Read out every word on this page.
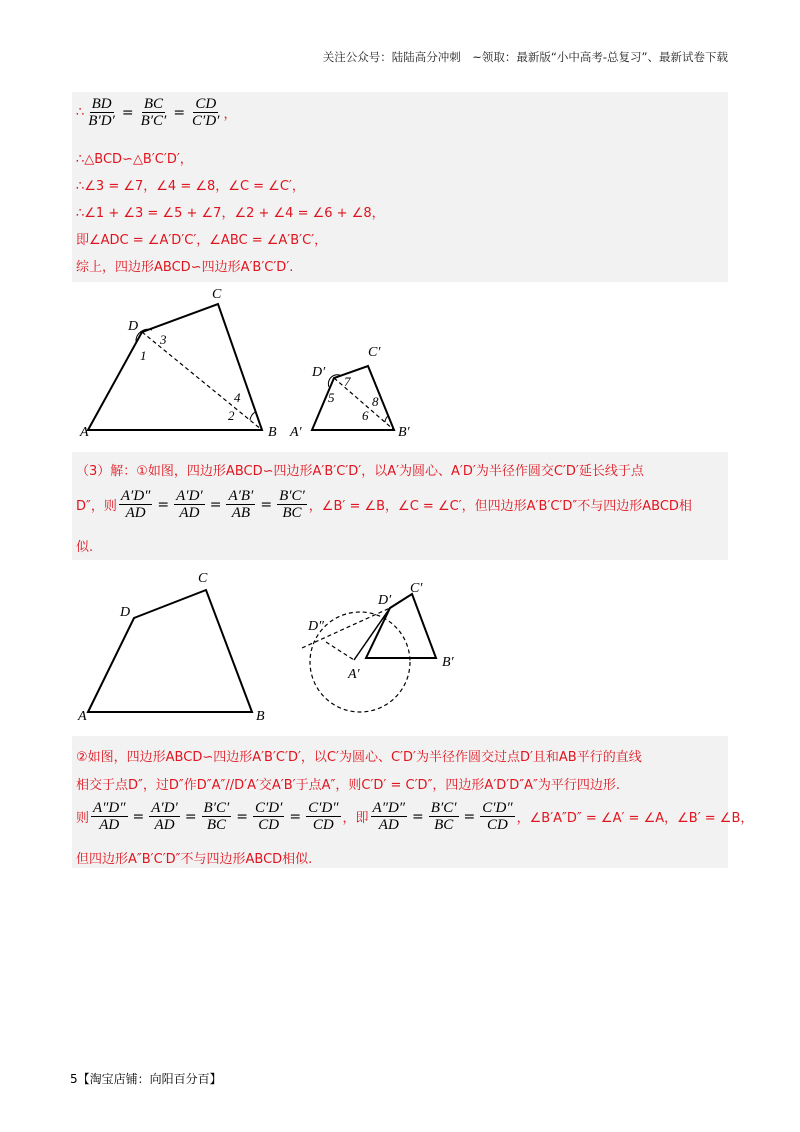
关注公众号：陆陆高分冲刺　~领取：最新版“小中高考-总复习”、最新试卷下载
∴ $\frac{BD}{B'D'} = \frac{BC}{B'C'} = \frac{CD}{C'D'}$ ，
∴△BCD∽△B′C′D′，
∴∠3 = ∠7，∠4 = ∠8，∠C = ∠C′，
∴∠1 + ∠3 = ∠5 + ∠7，∠2 + ∠4 = ∠6 + ∠8，
即∠ADC = ∠A′D′C′，∠ABC = ∠A′B′C′，
综上，四边形ABCD∽四边形A′B′C′D′.
A	B
C
D
1
3
4
2
A′	B′
C′
D′
5
7
8
6
（3）解：①如图，四边形ABCD∽四边形A′B′C′D′，以A′为圆心、A′D′为半径作圆交C′D′延长线于点
D″，则 $\frac{A'D''}{AD} = \frac{A'D'}{AD} = \frac{A'B'}{AB} = \frac{B'C'}{BC}$ ，∠B′ = ∠B，∠C = ∠C′，但四边形A′B′C′D″不与四边形ABCD相
似.
A	B
C
D
A′
B′
C′
D′
D″
②如图，四边形ABCD∽四边形A′B′C′D′，以C′为圆心、C′D′为半径作圆交过点D′且和AB平行的直线
相交于点D″，过D″作D″A″//D′A′交A′B′于点A″，则C′D′ = C′D″，四边形A′D′D″A″为平行四边形.
则 $\frac{A''D''}{AD} = \frac{A'D'}{AD} = \frac{B'C'}{BC} = \frac{C'D'}{CD} = \frac{C'D''}{CD}$ ，即 $\frac{A''D''}{AD} = \frac{B'C'}{BC} = \frac{C'D''}{CD}$ ，∠B′A″D″ = ∠A′ = ∠A，∠B′ = ∠B，
但四边形A″B′C′D″不与四边形ABCD相似.
5【淘宝店铺：向阳百分百】
